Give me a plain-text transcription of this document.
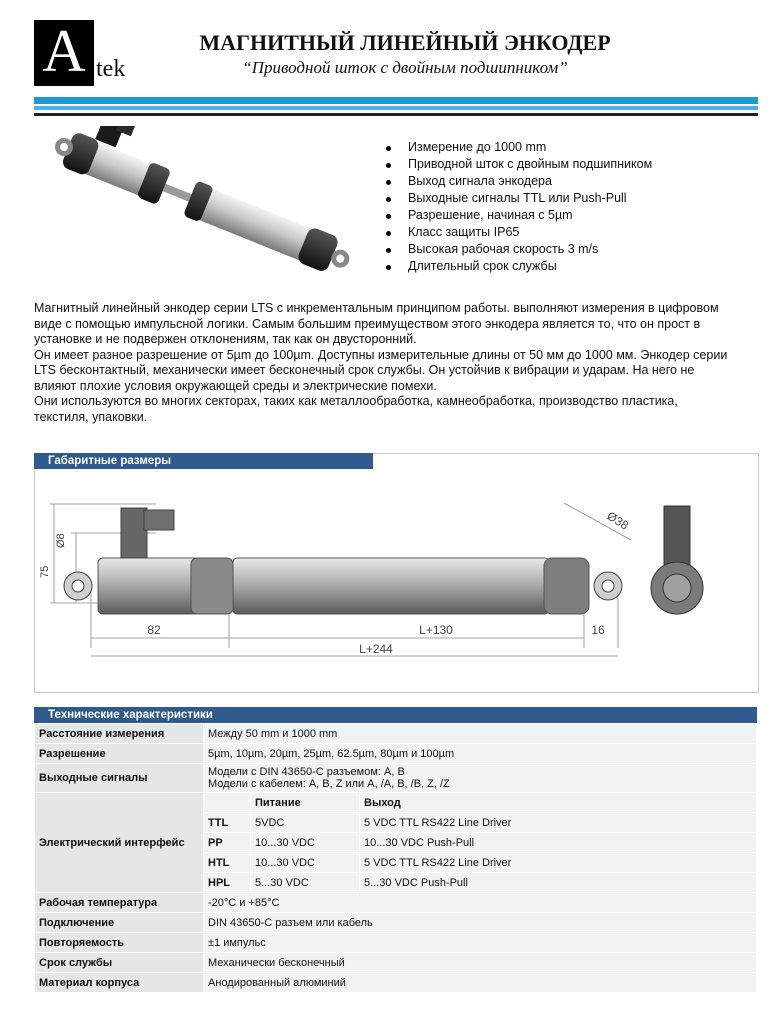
A tek
МАГНИТНЫЙ ЛИНЕЙНЫЙ ЭНКОДЕР
“Приводной шток с двойным подшипником”
Измерение до 1000 mm
Приводной шток с двойным подшипником
Выход сигнала энкодера
Выходные сигналы TTL или Push-Pull
Разрешение, начиная с 5µm
Класс защиты IP65
Высокая рабочая скорость 3 m/s
Длительный срок службы

Магнитный линейный энкодер серии LTS с инкрементальным принципом работы. выполняют измерения в цифровом виде с помощью импульсной логики. Самым большим преимуществом этого энкодера является то, что он прост в установке и не подвержен отклонениям, так как он двусторонний.

Он имеет разное разрешение от 5µm до 100µm. Доступны измерительные длины от 50 мм до 1000 мм. Энкодер серии LTS бесконтактный, механически имеет бесконечный срок службы. Он устойчив к вибрации и ударам. На него не влияют плохие условия окружающей среды и электрические помехи.

Они используются во многих секторах, таких как металлообработка, камнеобработка, производство пластика, текстиля, упаковки.

Габаритные размеры
Ø8
75
Ø38
82	L+130	16
L+244
Технические характеристики
Расстояние измерения	Между 50 mm и 1000 mm		
Разрешение	5µm, 10µm, 20µm, 25µm, 62.5µm, 80µm и 100µm		
Выходные сигналы	Модели с DIN 43650-C разъемом: A, B
Модели с кабелем: A, B, Z или A, /A, B, /B, Z, /Z		

Электрический интерфейс		Питание	Выход
	TTL	5VDC	5 VDC TTL RS422 Line Driver
	PP	10...30 VDC	10...30 VDC Push-Pull
	HTL	10...30 VDC	5 VDC TTL RS422 Line Driver
	HPL	5...30 VDC	5...30 VDC Push-Pull
Рабочая температура	-20°C и +85°C		
Подключение	DIN 43650-C разъем или кабель		
Повторяемость	±1 импульс		
Срок службы	Механически бесконечный		
Материал корпуса	Анодированный алюминий		
